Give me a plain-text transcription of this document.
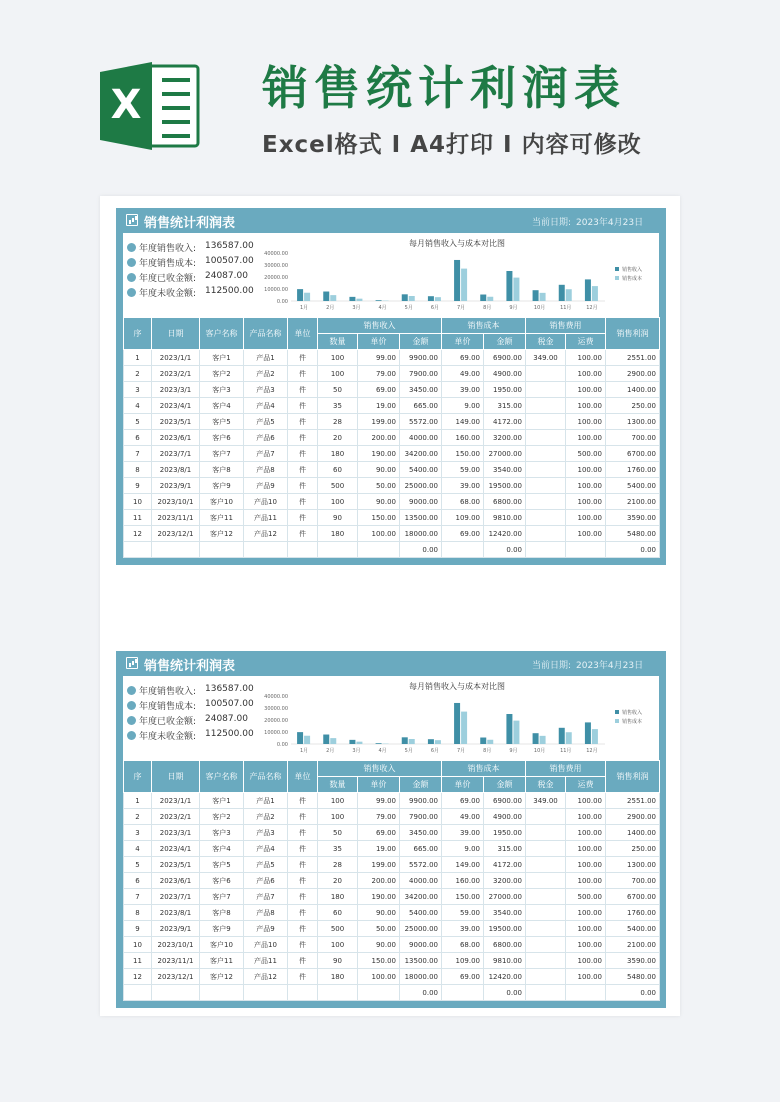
X	销售统计利润表
Excel格式 I A4打印 I 内容可修改
销售统计利润表	当前日期: 2023年4月23日
年度销售收入: 136587.00
年度销售成本: 100507.00
年度已收金额: 24087.00
年度未收金额: 112500.00
每月销售收入与成本对比图
40000.00
30000.00
20000.00
10000.00
0.00
1月	2月	3月	4月	5月	6月	7月	8月	9月	10月	11月	12月
销售收入
销售成本
序	日期	客户名称	产品名称	单位	销售收入			销售成本		销售费用		销售利润
					数量	单价	金额	单价	金额	税金	运费	
1	2023/1/1	客户1	产品1	件	100	99.00	9900.00	69.00	6900.00	349.00	100.00	2551.00
2	2023/2/1	客户2	产品2	件	100	79.00	7900.00	49.00	4900.00		100.00	2900.00
3	2023/3/1	客户3	产品3	件	50	69.00	3450.00	39.00	1950.00		100.00	1400.00
4	2023/4/1	客户4	产品4	件	35	19.00	665.00	9.00	315.00		100.00	250.00
5	2023/5/1	客户5	产品5	件	28	199.00	5572.00	149.00	4172.00		100.00	1300.00
6	2023/6/1	客户6	产品6	件	20	200.00	4000.00	160.00	3200.00		100.00	700.00
7	2023/7/1	客户7	产品7	件	180	190.00	34200.00	150.00	27000.00		500.00	6700.00
8	2023/8/1	客户8	产品8	件	60	90.00	5400.00	59.00	3540.00		100.00	1760.00
9	2023/9/1	客户9	产品9	件	500	50.00	25000.00	39.00	19500.00		100.00	5400.00
10	2023/10/1	客户10	产品10	件	100	90.00	9000.00	68.00	6800.00		100.00	2100.00
11	2023/11/1	客户11	产品11	件	90	150.00	13500.00	109.00	9810.00		100.00	3590.00
12	2023/12/1	客户12	产品12	件	180	100.00	18000.00	69.00	12420.00		100.00	5480.00
							0.00		0.00			0.00
销售统计利润表	当前日期: 2023年4月23日
年度销售收入: 136587.00
年度销售成本: 100507.00
年度已收金额: 24087.00
年度未收金额: 112500.00
每月销售收入与成本对比图
40000.00
30000.00
20000.00
10000.00
0.00
1月	2月	3月	4月	5月	6月	7月	8月	9月	10月	11月	12月
销售收入
销售成本
序	日期	客户名称	产品名称	单位	销售收入			销售成本		销售费用		销售利润
					数量	单价	金额	单价	金额	税金	运费	
1	2023/1/1	客户1	产品1	件	100	99.00	9900.00	69.00	6900.00	349.00	100.00	2551.00
2	2023/2/1	客户2	产品2	件	100	79.00	7900.00	49.00	4900.00		100.00	2900.00
3	2023/3/1	客户3	产品3	件	50	69.00	3450.00	39.00	1950.00		100.00	1400.00
4	2023/4/1	客户4	产品4	件	35	19.00	665.00	9.00	315.00		100.00	250.00
5	2023/5/1	客户5	产品5	件	28	199.00	5572.00	149.00	4172.00		100.00	1300.00
6	2023/6/1	客户6	产品6	件	20	200.00	4000.00	160.00	3200.00		100.00	700.00
7	2023/7/1	客户7	产品7	件	180	190.00	34200.00	150.00	27000.00		500.00	6700.00
8	2023/8/1	客户8	产品8	件	60	90.00	5400.00	59.00	3540.00		100.00	1760.00
9	2023/9/1	客户9	产品9	件	500	50.00	25000.00	39.00	19500.00		100.00	5400.00
10	2023/10/1	客户10	产品10	件	100	90.00	9000.00	68.00	6800.00		100.00	2100.00
11	2023/11/1	客户11	产品11	件	90	150.00	13500.00	109.00	9810.00		100.00	3590.00
12	2023/12/1	客户12	产品12	件	180	100.00	18000.00	69.00	12420.00		100.00	5480.00
							0.00		0.00			0.00
